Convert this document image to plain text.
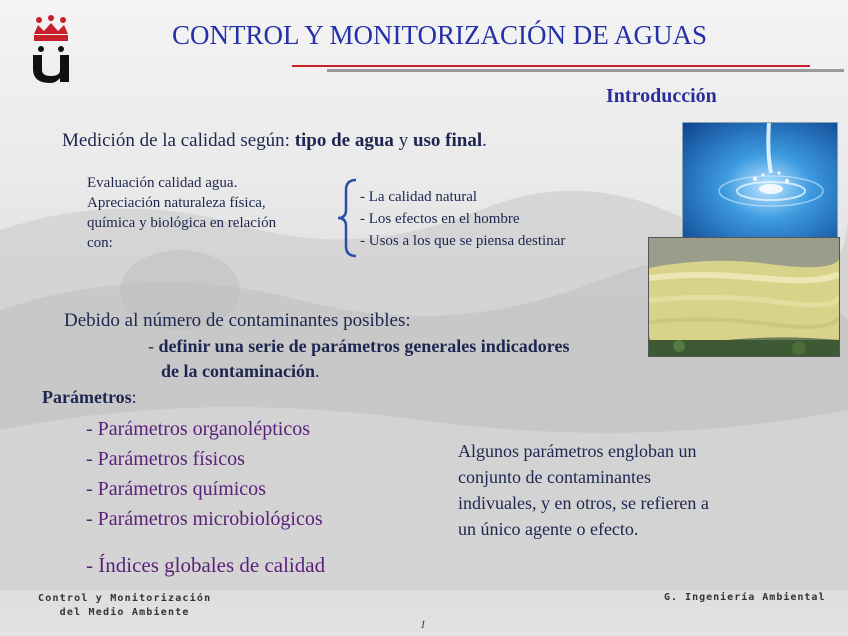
CONTROL Y MONITORIZACIÓN DE AGUAS
Introducción
Medición de la calidad según: tipo de agua y uso final.
Evaluación calidad agua.
Apreciación naturaleza física,
química y biológica en relación
con:
- La calidad natural
- Los efectos en el hombre
- Usos a los que se piensa destinar
Debido al número de contaminantes posibles:
- definir una serie de parámetros generales indicadores
de la contaminación.
Parámetros:
- Parámetros organolépticos
- Parámetros físicos
- Parámetros químicos
- Parámetros microbiológicos
- Índices globales de calidad
Algunos parámetros engloban un conjunto de contaminantes indivuales, y en otros, se refieren a un único agente o efecto.
Control y Monitorización
del Medio Ambiente
G. Ingeniería Ambiental
1
